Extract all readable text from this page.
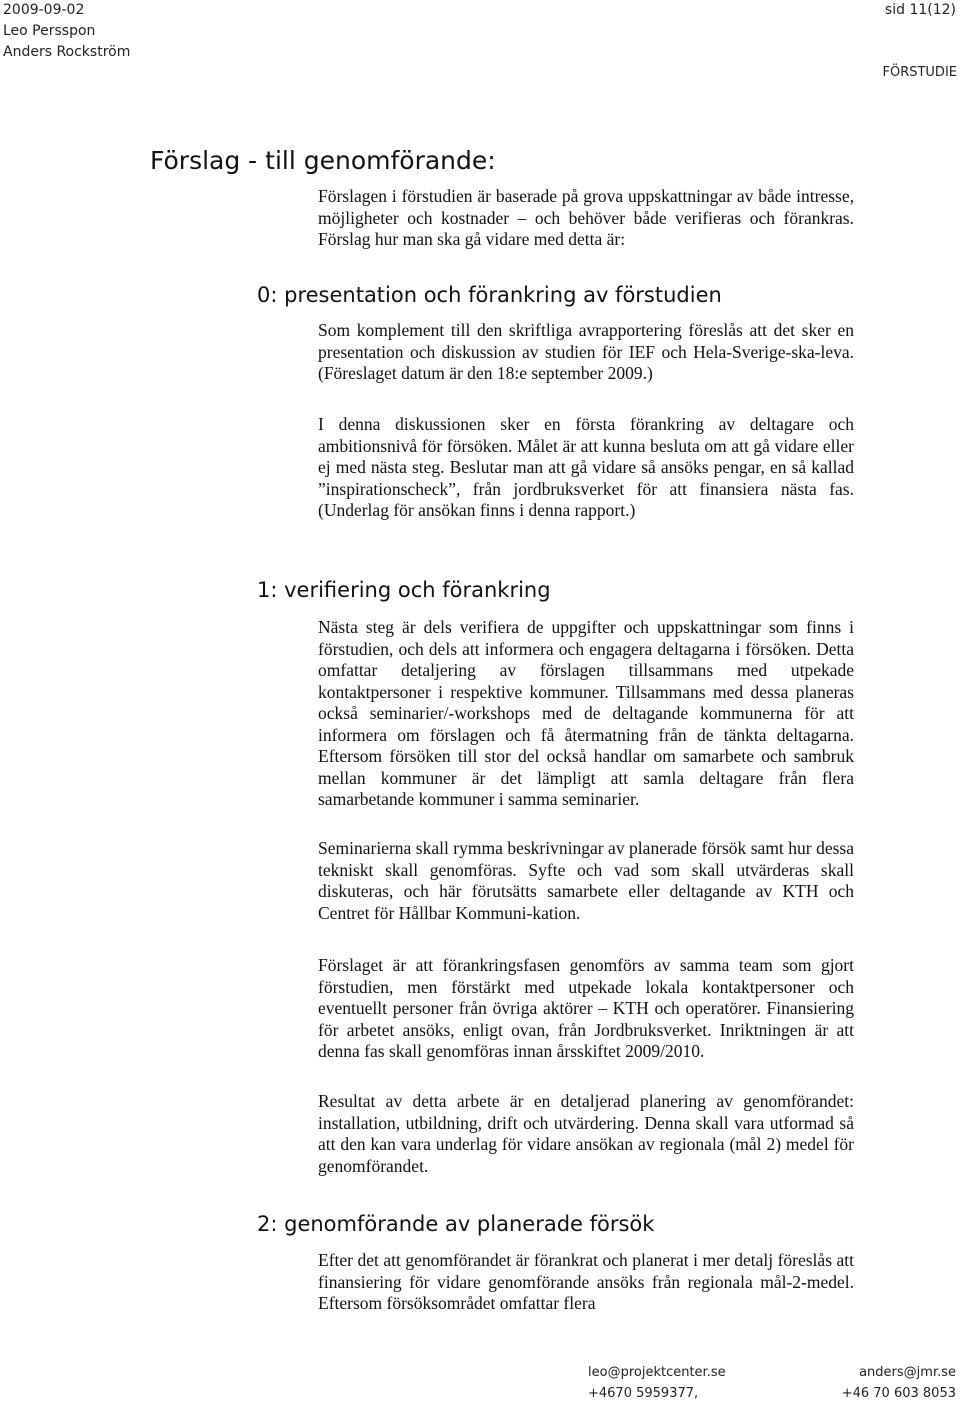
2009-09-02
Leo Persspon
Anders Rockström
sid 11(12)
FÖRSTUDIE
Förslag - till genomförande:

Förslagen i förstudien är baserade på grova uppskattningar av både intresse, möjligheter och kostnader – och behöver både verifieras och förankras. Förslag hur man ska gå vidare med detta är:

0: presentation och förankring av förstudien

Som komplement till den skriftliga avrapportering föreslås att det sker en presentation och diskussion av studien för IEF och Hela-Sverige-ska-leva. (Föreslaget datum är den 18:e september 2009.)

I denna diskussionen sker en första förankring av deltagare och ambitionsnivå för försöken. Målet är att kunna besluta om att gå vidare eller ej med nästa steg. Beslutar man att gå vidare så ansöks pengar, en så kallad ”inspirationscheck”, från jordbruksverket för att finansiera nästa fas. (Underlag för ansökan finns i denna rapport.)

1: verifiering och förankring

Nästa steg är dels verifiera de uppgifter och uppskattningar som finns i förstudien, och dels att informera och engagera deltagarna i försöken. Detta omfattar detaljering av förslagen tillsammans med utpekade kontaktpersoner i respektive kommuner. Tillsammans med dessa planeras också seminarier/-workshops med de deltagande kommunerna för att informera om förslagen och få återmatning från de tänkta deltagarna. Eftersom försöken till stor del också handlar om samarbete och sambruk mellan kommuner är det lämpligt att samla deltagare från flera samarbetande kommuner i samma seminarier.

Seminarierna skall rymma beskrivningar av planerade försök samt hur dessa tekniskt skall genomföras. Syfte och vad som skall utvärderas skall diskuteras, och här förutsätts samarbete eller deltagande av KTH och Centret för Hållbar Kommuni-kation.

Förslaget är att förankringsfasen genomförs av samma team som gjort förstudien, men förstärkt med utpekade lokala kontaktpersoner och eventuellt personer från övriga aktörer – KTH och operatörer. Finansiering för arbetet ansöks, enligt ovan, från Jordbruksverket. Inriktningen är att denna fas skall genomföras innan årsskiftet 2009/2010.

Resultat av detta arbete är en detaljerad planering av genomförandet: installation, utbildning, drift och utvärdering. Denna skall vara utformad så att den kan vara underlag för vidare ansökan av regionala (mål 2) medel för genomförandet.

2: genomförande av planerade försök

Efter det att genomförandet är förankrat och planerat i mer detalj föreslås att finansiering för vidare genomförande ansöks från regionala mål-2-medel. Eftersom försöksområdet omfattar flera

leo@projektcenter.se
+4670 5959377,
anders@jmr.se
+46 70 603 8053
